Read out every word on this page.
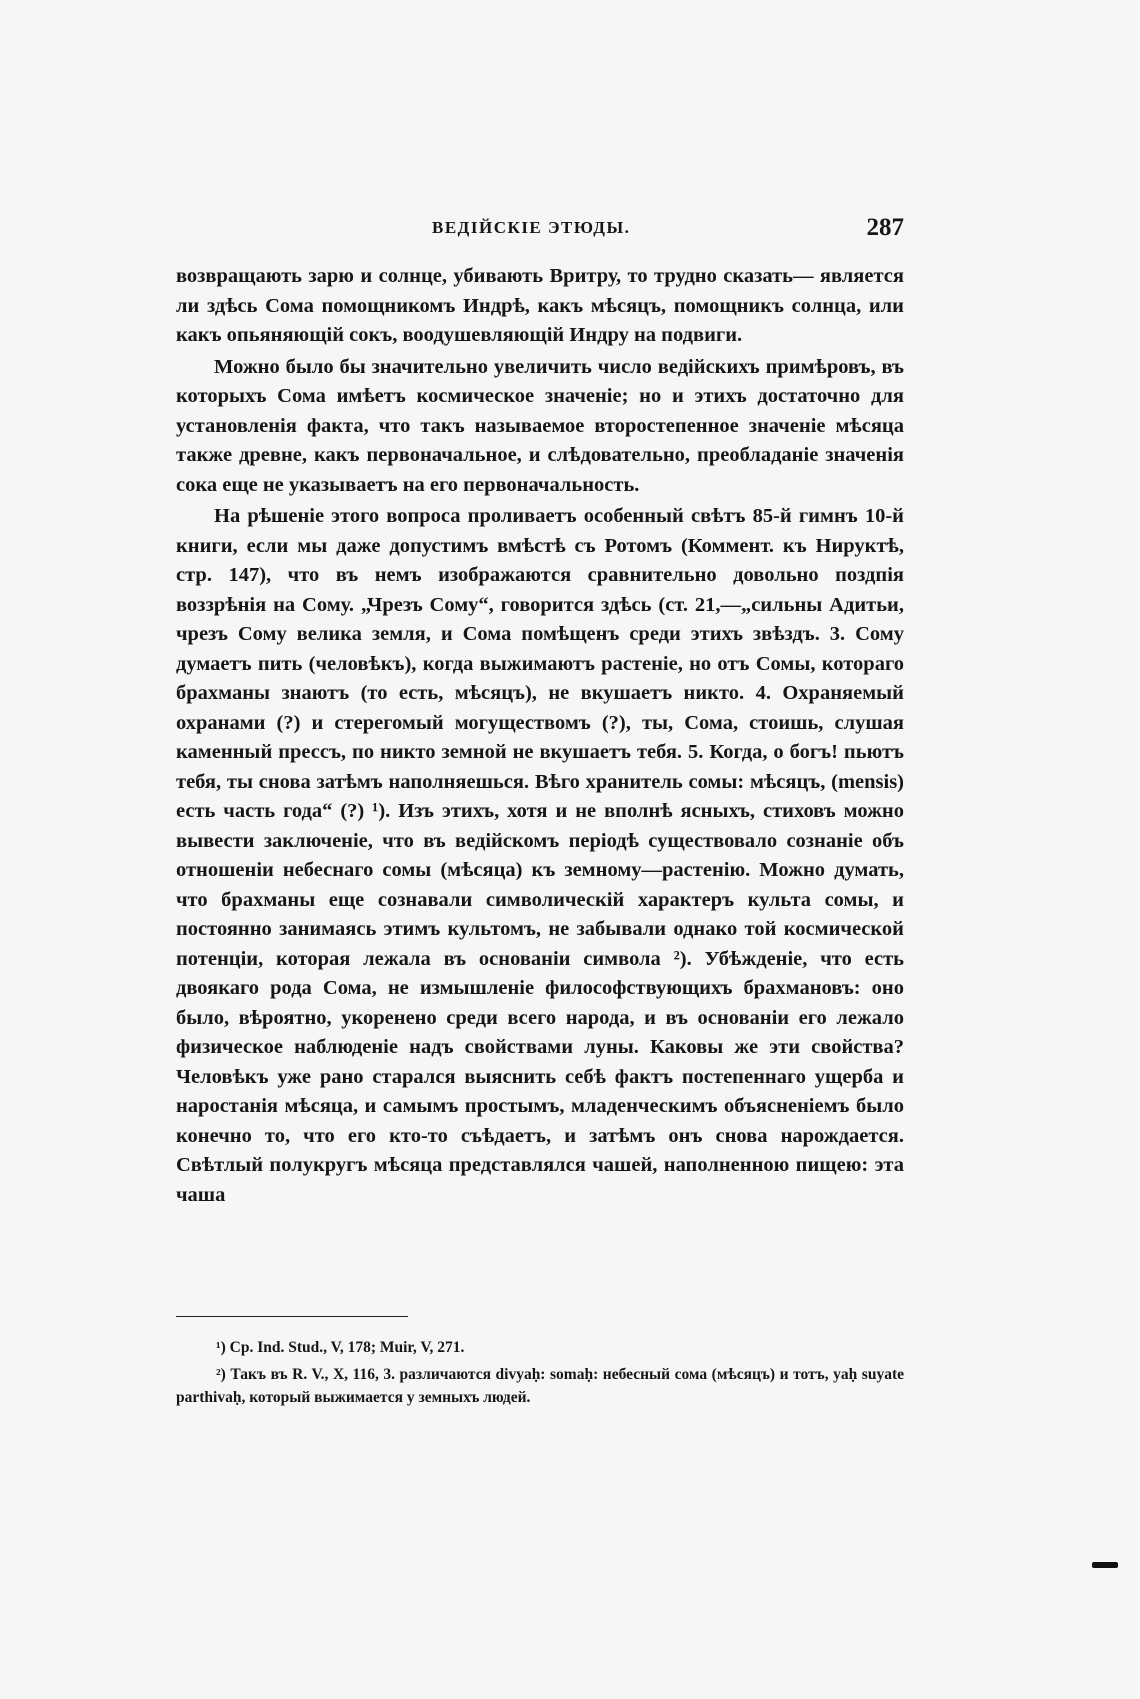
ВЕДІЙСКІЕ ЭТЮДЫ.	287

возвращають зарю и солнце, убивають Вритру, то трудно сказать— является ли здѣсь Сома помощникомъ Индрѣ, какъ мѣсяцъ, помощникъ солнца, или какъ опьяняющій сокъ, воодушевляющій Индру на подвиги.

Можно было бы значительно увеличить число ведійскихъ примѣровъ, въ которыхъ Сома имѣетъ космическое значеніе; но и этихъ достаточно для установленія факта, что такъ называемое второстепенное значеніе мѣсяца также древне, какъ первоначальное, и слѣдовательно, преобладаніе значенія сока еще не указываетъ на его первоначальность.

На рѣшеніе этого вопроса проливаетъ особенный свѣтъ 85-й гимнъ 10-й книги, если мы даже допустимъ вмѣстѣ съ Ротомъ (Коммент. къ Нируктѣ, стр. 147), что въ немъ изображаются сравнительно довольно поздпія воззрѣнія на Сому. „Чрезъ Сому“, говорится здѣсь (ст. 21,—„сильны Адитьи, чрезъ Сому велика земля, и Сома помѣщенъ среди этихъ звѣздъ. 3. Сому думаетъ пить (человѣкъ), когда выжимаютъ растеніе, но отъ Сомы, котораго брахманы знаютъ (то есть, мѣсяцъ), не вкушаетъ никто. 4. Охраняемый охранами (?) и стерегомый могуществомъ (?), ты, Сома, стоишь, слушая каменный прессъ, по никто земной не вкушаетъ тебя. 5. Когда, о богъ! пьютъ тебя, ты снова затѣмъ наполняешься. Вѣго хранитель сомы: мѣсяцъ, (mensis) есть часть года“ (?) ¹). Изъ этихъ, хотя и не вполнѣ ясныхъ, стиховъ можно вывести заключеніе, что въ ведійскомъ періодѣ существовало сознаніе объ отношеніи небеснаго сомы (мѣсяца) къ земному—растенію. Можно думать, что брахманы еще сознавали символическій характеръ культа сомы, и постоянно занимаясь этимъ культомъ, не забывали однако той космической потенціи, которая лежала въ основаніи символа ²). Убѣжденіе, что есть двоякаго рода Сома, не измышленіе философствующихъ брахмановъ: оно было, вѣроятно, укоренено среди всего народа, и въ основаніи его лежало физическое наблюденіе надъ свойствами луны. Каковы же эти свойства? Человѣкъ уже рано старался выяснить себѣ фактъ постепеннаго ущерба и наростанія мѣсяца, и самымъ простымъ, младенческимъ объясненіемъ было конечно то, что его кто-то съѣдаетъ, и затѣмъ онъ снова нарождается. Свѣтлый полукругъ мѣсяца представлялся чашей, наполненною пищею: эта чаша

¹) Ср. Ind. Stud., V, 178; Muir, V, 271.

²) Такъ въ R. V., X, 116, 3. различаются divyaḥ: somaḥ: небесный сома (мѣсяцъ) и тотъ, yaḥ suyate parthivaḥ, который выжимается у земныхъ людей.
